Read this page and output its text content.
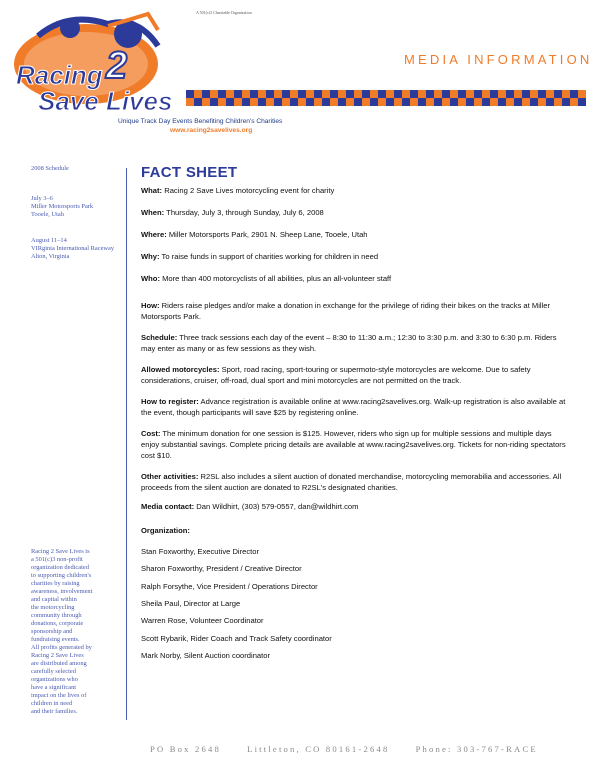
Racing 2
Save Lives
A 501(c)3 Charitable Organization
MEDIA INFORMATION
Unique Track Day Events Benefiting Children's Charities
www.racing2savelives.org
2008 Schedule
July 3–6
Miller Motorsports Park
Tooele, Utah
August 11–14
VIRginia International Raceway
Alton, Virginia
Racing 2 Save Lives is
a 501(c)3 non-profit
organization dedicated
to supporting children's
charities by raising
awareness, involvement
and capital within
the motorcycling
community through
donations, corporate
sponsorship and
fundraising events.
All profits generated by
Racing 2 Save Lives
are distributed among
carefully selected
organizations who
have a significant
impact on the lives of
children in need
and their families.
FACT SHEET

What: Racing 2 Save Lives motorcycling event for charity

When: Thursday, July 3, through Sunday, July 6, 2008

Where: Miller Motorsports Park, 2901 N. Sheep Lane, Tooele, Utah

Why: To raise funds in support of charities working for children in need

Who: More than 400 motorcyclists of all abilities, plus an all-volunteer staff

How: Riders raise pledges and/or make a donation in exchange for the privilege of riding their bikes on the tracks at Miller Motorsports Park.

Schedule: Three track sessions each day of the event – 8:30 to 11:30 a.m.; 12:30 to 3:30 p.m. and 3:30 to 6:30 p.m. Riders may enter as many or as few sessions as they wish.

Allowed motorcycles: Sport, road racing, sport-touring or supermoto-style motorcycles are welcome. Due to safety considerations, cruiser, off-road, dual sport and mini motorcycles are not permitted on the track.

How to register: Advance registration is available online at www.racing2savelives.org. Walk-up registration is also available at the event, though participants will save $25 by registering online.

Cost: The minimum donation for one session is $125. However, riders who sign up for multiple sessions and multiple days enjoy substantial savings. Complete pricing details are available at www.racing2savelives.org. Tickets for non-riding spectators cost $10.

Other activities: R2SL also includes a silent auction of donated merchandise, motorcycling memorabilia and accessories. All proceeds from the silent auction are donated to R2SL's designated charities.

Media contact: Dan Wildhirt, (303) 579-0557, dan@wildhirt.com

Organization:

Stan Foxworthy, Executive Director

Sharon Foxworthy, President / Creative Director

Ralph Forsythe, Vice President / Operations Director

Sheila Paul, Director at Large

Warren Rose, Volunteer Coordinator

Scott Rybarik, Rider Coach and Track Safety coordinator

Mark Norby, Silent Auction coordinator

PO Box 2648	Littleton, CO 80161-2648	Phone: 303-767-RACE
